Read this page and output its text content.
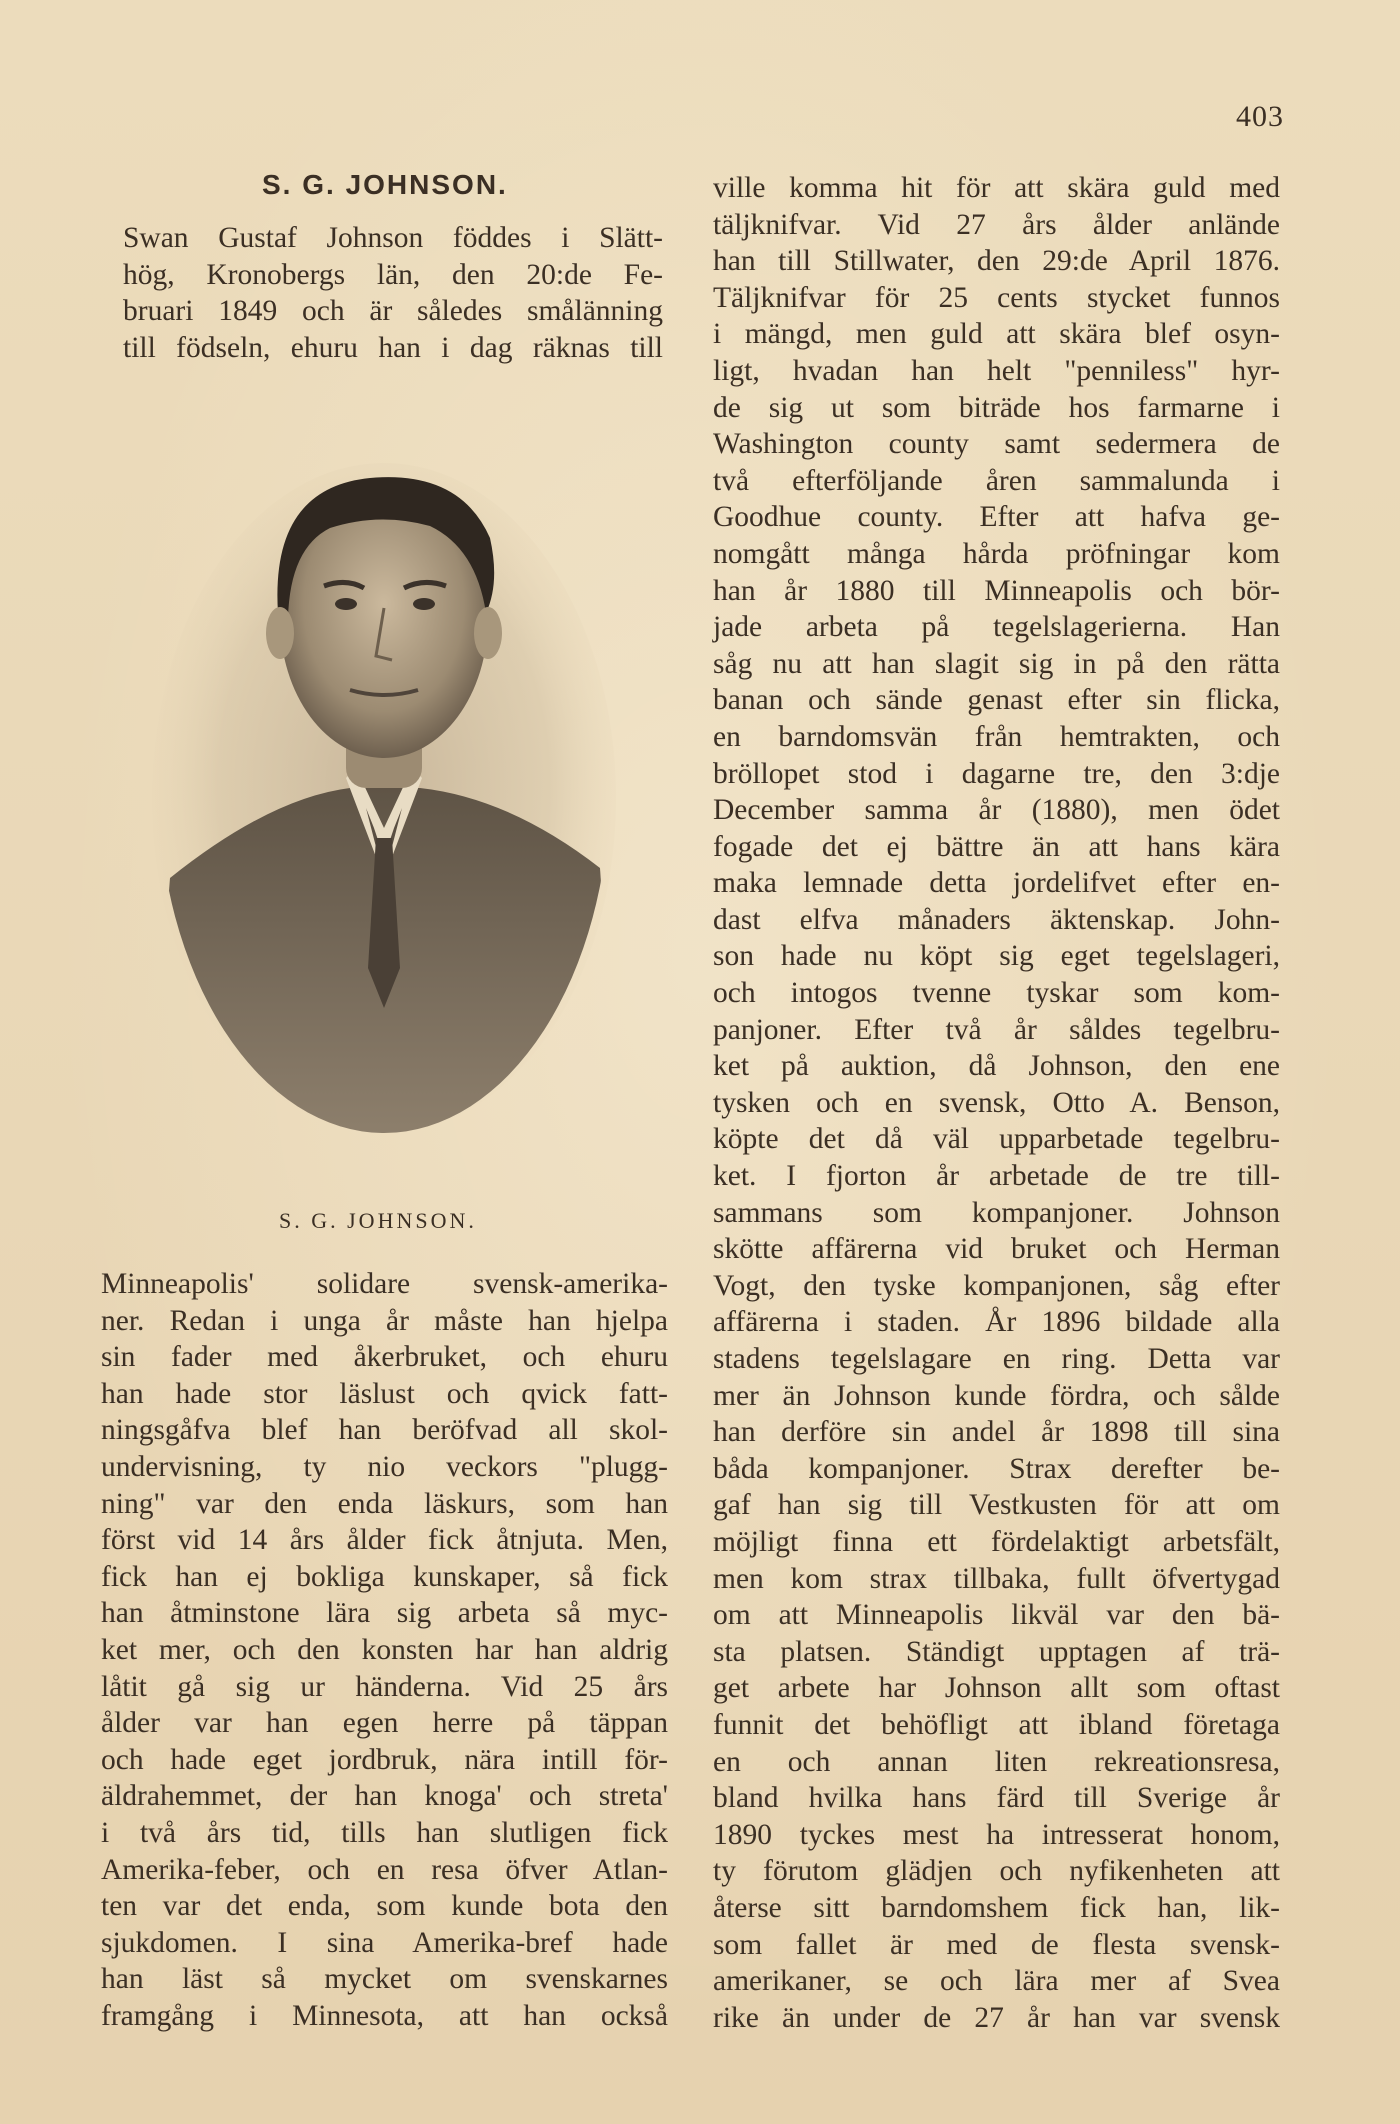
403
S. G. JOHNSON.
Swan Gustaf Johnson föddes i Slätt-
hög, Kronobergs län, den 20:de Fe-
bruari 1849 och är således smålänning
till födseln, ehuru han i dag räknas till
S. G. JOHNSON.
Minneapolis' solidare svensk-amerika-
ner. Redan i unga år måste han hjelpa
sin fader med åkerbruket, och ehuru
han hade stor läslust och qvick fatt-
ningsgåfva blef han beröfvad all skol-
undervisning, ty nio veckors "plugg-
ning" var den enda läskurs, som han
först vid 14 års ålder fick åtnjuta. Men,
fick han ej bokliga kunskaper, så fick
han åtminstone lära sig arbeta så myc-
ket mer, och den konsten har han aldrig
låtit gå sig ur händerna. Vid 25 års
ålder var han egen herre på täppan
och hade eget jordbruk, nära intill för-
äldrahemmet, der han knoga' och streta'
i två års tid, tills han slutligen fick
Amerika-feber, och en resa öfver Atlan-
ten var det enda, som kunde bota den
sjukdomen. I sina Amerika-bref hade
han läst så mycket om svenskarnes
framgång i Minnesota, att han också
ville komma hit för att skära guld med
täljknifvar. Vid 27 års ålder anlände
han till Stillwater, den 29:de April 1876.
Täljknifvar för 25 cents stycket funnos
i mängd, men guld att skära blef osyn-
ligt, hvadan han helt "penniless" hyr-
de sig ut som biträde hos farmarne i
Washington county samt sedermera de
två efterföljande åren sammalunda i
Goodhue county. Efter att hafva ge-
nomgått många hårda pröfningar kom
han år 1880 till Minneapolis och bör-
jade arbeta på tegelslagerierna. Han
såg nu att han slagit sig in på den rätta
banan och sände genast efter sin flicka,
en barndomsvän från hemtrakten, och
bröllopet stod i dagarne tre, den 3:dje
December samma år (1880), men ödet
fogade det ej bättre än att hans kära
maka lemnade detta jordelifvet efter en-
dast elfva månaders äktenskap. John-
son hade nu köpt sig eget tegelslageri,
och intogos tvenne tyskar som kom-
panjoner. Efter två år såldes tegelbru-
ket på auktion, då Johnson, den ene
tysken och en svensk, Otto A. Benson,
köpte det då väl upparbetade tegelbru-
ket. I fjorton år arbetade de tre till-
sammans som kompanjoner. Johnson
skötte affärerna vid bruket och Herman
Vogt, den tyske kompanjonen, såg efter
affärerna i staden. År 1896 bildade alla
stadens tegelslagare en ring. Detta var
mer än Johnson kunde fördra, och sålde
han derföre sin andel år 1898 till sina
båda kompanjoner. Strax derefter be-
gaf han sig till Vestkusten för att om
möjligt finna ett fördelaktigt arbetsfält,
men kom strax tillbaka, fullt öfvertygad
om att Minneapolis likväl var den bä-
sta platsen. Ständigt upptagen af trä-
get arbete har Johnson allt som oftast
funnit det behöfligt att ibland företaga
en och annan liten rekreationsresa,
bland hvilka hans färd till Sverige år
1890 tyckes mest ha intresserat honom,
ty förutom glädjen och nyfikenheten att
återse sitt barndomshem fick han, lik-
som fallet är med de flesta svensk-
amerikaner, se och lära mer af Svea
rike än under de 27 år han var svensk
